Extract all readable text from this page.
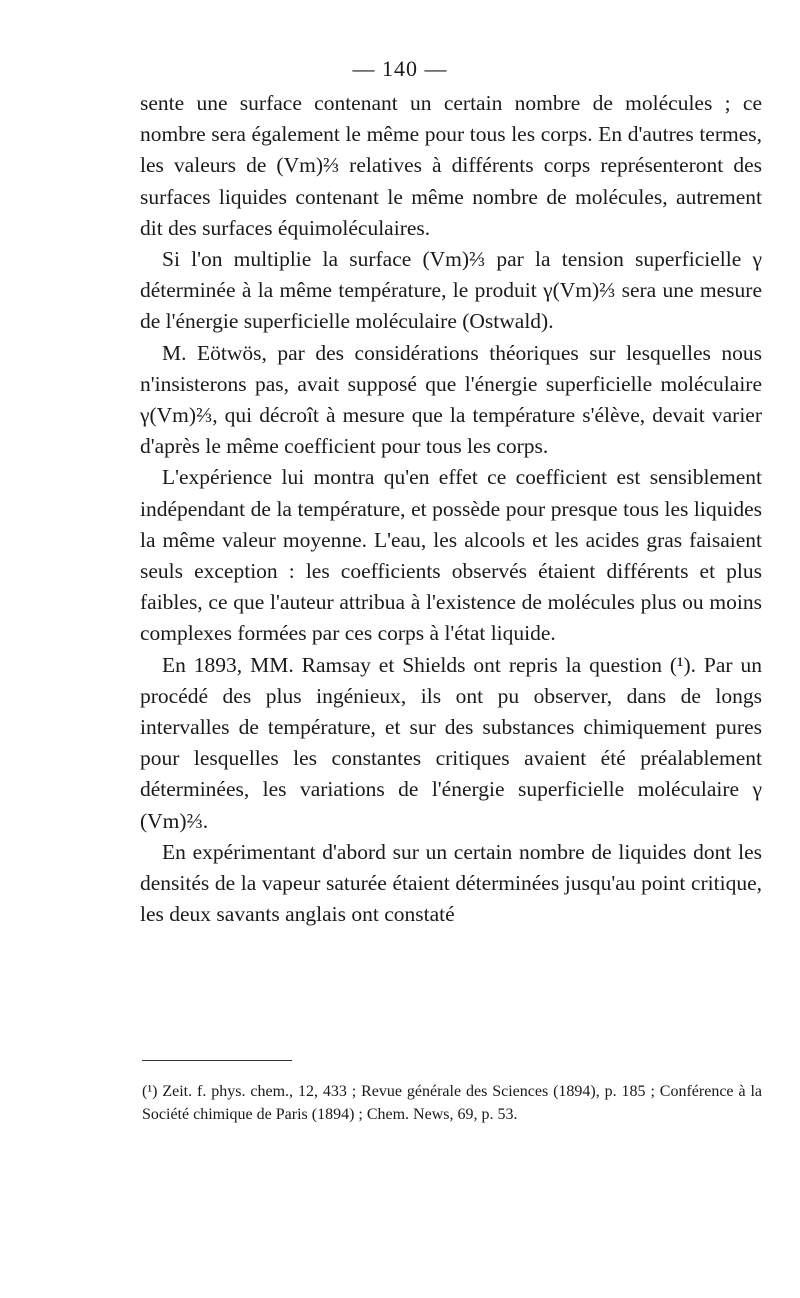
— 140 —

sente une surface contenant un certain nombre de molécules ; ce nombre sera également le même pour tous les corps. En d'autres termes, les valeurs de (Vm)⅔ relatives à différents corps représenteront des surfaces liquides contenant le même nombre de molécules, autrement dit des surfaces équimoléculaires.

Si l'on multiplie la surface (Vm)⅔ par la tension superficielle γ déterminée à la même température, le produit γ(Vm)⅔ sera une mesure de l'énergie superficielle moléculaire (Ostwald).

M. Eötwös, par des considérations théoriques sur lesquelles nous n'insisterons pas, avait supposé que l'énergie superficielle moléculaire γ(Vm)⅔, qui décroît à mesure que la température s'élève, devait varier d'après le même coefficient pour tous les corps.

L'expérience lui montra qu'en effet ce coefficient est sensiblement indépendant de la température, et possède pour presque tous les liquides la même valeur moyenne. L'eau, les alcools et les acides gras faisaient seuls exception : les coefficients observés étaient différents et plus faibles, ce que l'auteur attribua à l'existence de molécules plus ou moins complexes formées par ces corps à l'état liquide.

En 1893, MM. Ramsay et Shields ont repris la question (¹). Par un procédé des plus ingénieux, ils ont pu observer, dans de longs intervalles de température, et sur des substances chimiquement pures pour lesquelles les constantes critiques avaient été préalablement déterminées, les variations de l'énergie superficielle moléculaire γ (Vm)⅔.

En expérimentant d'abord sur un certain nombre de liquides dont les densités de la vapeur saturée étaient déterminées jusqu'au point critique, les deux savants anglais ont constaté

(¹) Zeit. f. phys. chem., 12, 433 ; Revue générale des Sciences (1894), p. 185 ; Conférence à la Société chimique de Paris (1894) ; Chem. News, 69, p. 53.
